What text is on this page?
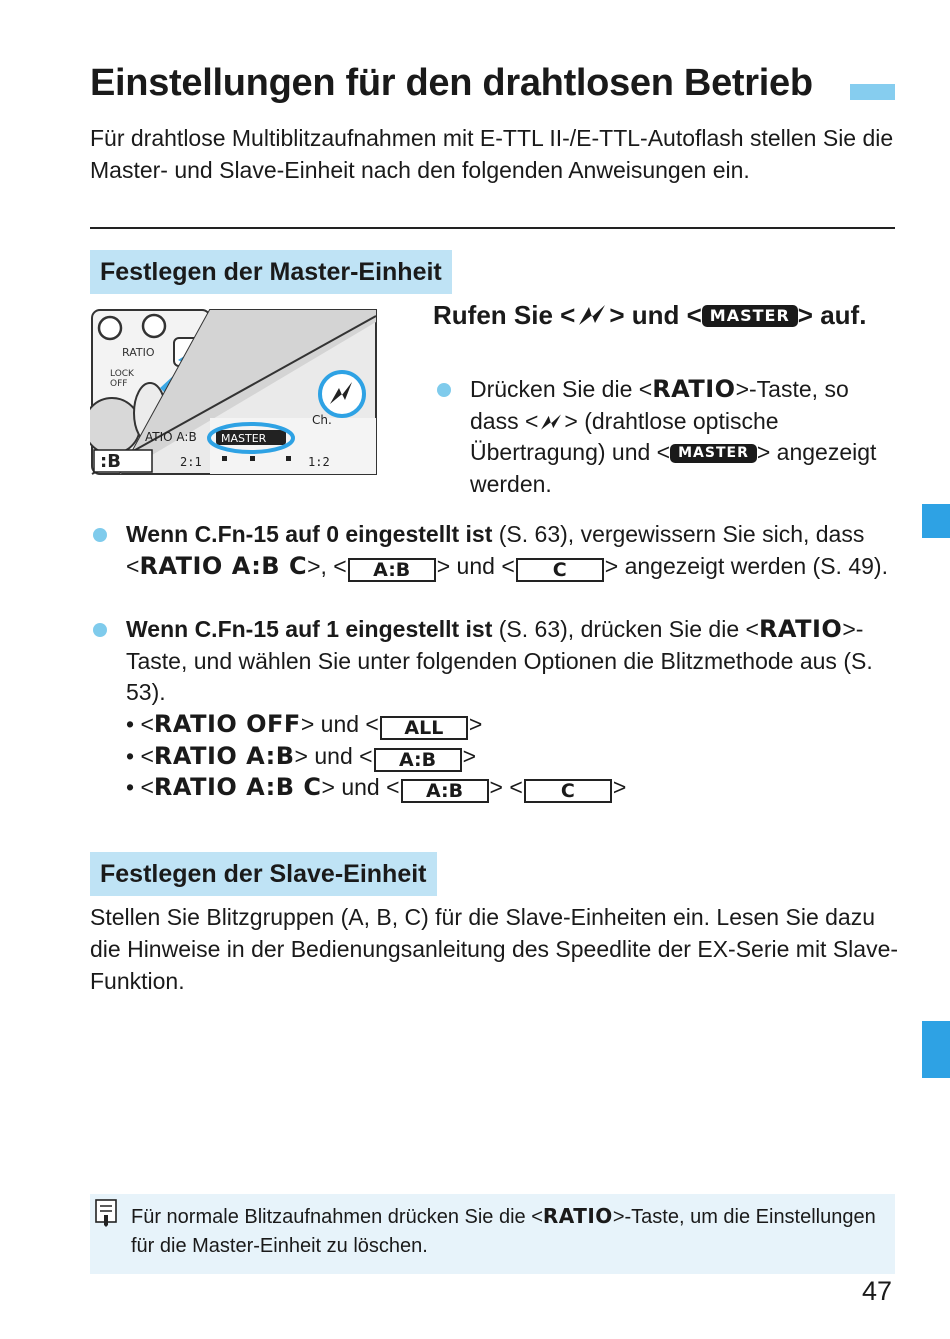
Einstellungen für den drahtlosen Betrieb
Für drahtlose Multiblitzaufnahmen mit E-TTL II-/E-TTL-Autoflash stellen Sie die Master- und Slave-Einheit nach den folgenden Anweisungen ein.
Festlegen der Master-Einheit
RATIO
LOCK
OFF
ATIO A:B MASTER
2:1	1:2
:B
Ch.
Rufen Sie < > und < MASTER > auf.
Drücken Sie die <RATIO>-Taste, so dass < > (drahtlose optische Übertragung) und < MASTER > angezeigt werden.
Wenn C.Fn-15 auf 0 eingestellt ist (S. 63), vergewissern Sie sich, dass <RATIO A:B C>, < A:B > und < C > angezeigt werden (S. 49).
Wenn C.Fn-15 auf 1 eingestellt ist (S. 63), drücken Sie die <RATIO>-Taste, und wählen Sie unter folgenden Optionen die Blitzmethode aus (S. 53).
• <RATIO OFF> und < ALL >
• <RATIO A:B> und < A:B >
• <RATIO A:B C> und < A:B > < C >
Festlegen der Slave-Einheit
Stellen Sie Blitzgruppen (A, B, C) für die Slave-Einheiten ein. Lesen Sie dazu die Hinweise in der Bedienungsanleitung des Speedlite der EX-Serie mit Slave-Funktion.
Für normale Blitzaufnahmen drücken Sie die <RATIO>-Taste, um die Einstellungen für die Master-Einheit zu löschen.
47
